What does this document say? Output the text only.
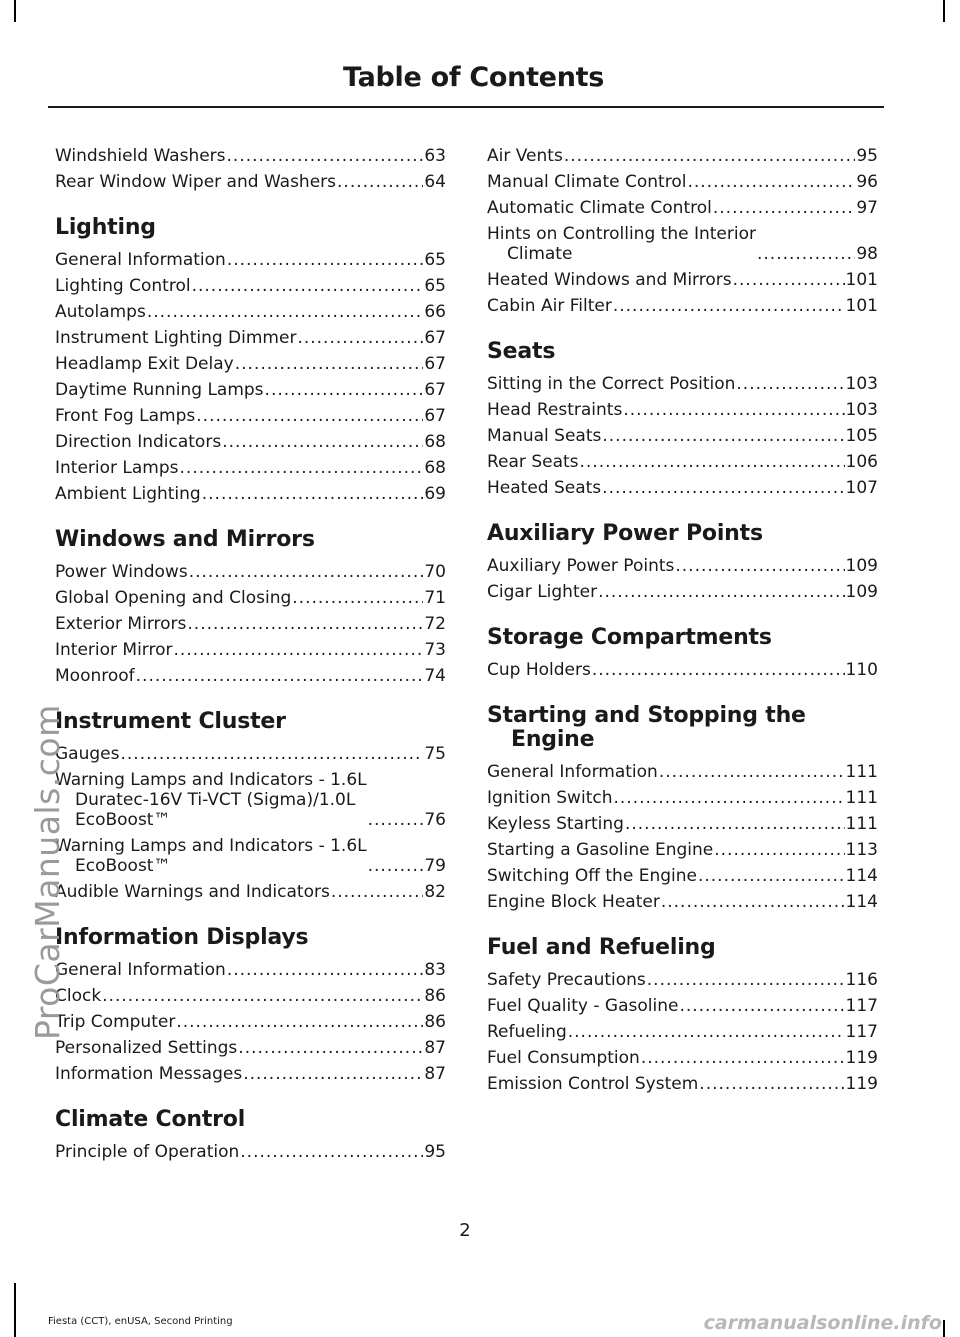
Table of Contents
Windshield Washers .....	63
Rear Window Wiper and Washers .....	64
Lighting
General Information .....	65
Lighting Control .....	65
Autolamps .....	66
Instrument Lighting Dimmer .....	67
Headlamp Exit Delay .....	67
Daytime Running Lamps .....	67
Front Fog Lamps .....	67
Direction Indicators .....	68
Interior Lamps .....	68
Ambient Lighting .....	69
Windows and Mirrors
Power Windows .....	70
Global Opening and Closing .....	71
Exterior Mirrors .....	72
Interior Mirror .....	73
Moonroof .....	74
Instrument Cluster
Gauges .....	75
Warning Lamps and Indicators - 1.6L
Duratec-16V Ti-VCT (Sigma)/1.0L
EcoBoost™ .....	76
Warning Lamps and Indicators - 1.6L
EcoBoost™ .....	79
Audible Warnings and Indicators .....	82
Information Displays
General Information .....	83
Clock .....	86
Trip Computer .....	86
Personalized Settings .....	87
Information Messages .....	87
Climate Control
Principle of Operation .....	95
Air Vents .....	95
Manual Climate Control .....	96
Automatic Climate Control .....	97
Hints on Controlling the Interior
Climate .....	98
Heated Windows and Mirrors .....	101
Cabin Air Filter .....	101
Seats
Sitting in the Correct Position .....	103
Head Restraints .....	103
Manual Seats .....	105
Rear Seats .....	106
Heated Seats .....	107
Auxiliary Power Points
Auxiliary Power Points .....	109
Cigar Lighter .....	109
Storage Compartments
Cup Holders .....	110
Starting and Stopping the
Engine
General Information .....	111
Ignition Switch .....	111
Keyless Starting .....	111
Starting a Gasoline Engine .....	113
Switching Off the Engine .....	114
Engine Block Heater .....	114
Fuel and Refueling
Safety Precautions .....	116
Fuel Quality - Gasoline .....	117
Refueling .....	117
Fuel Consumption .....	119
Emission Control System .....	119
2
Fiesta (CCT), enUSA, Second Printing
ProCarManuals.com
carmanualsonline.info
